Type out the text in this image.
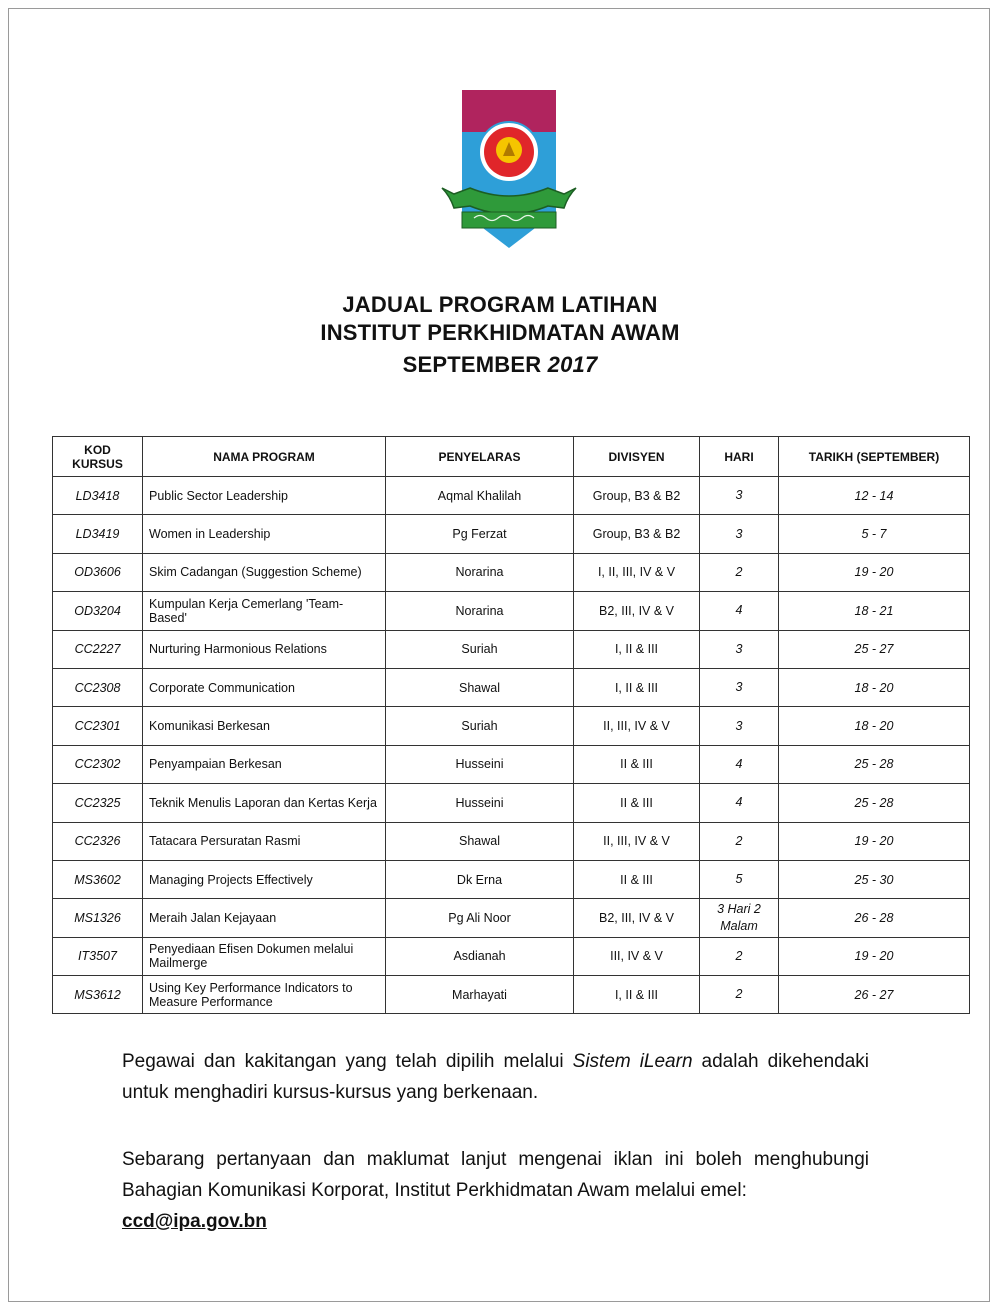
JADUAL PROGRAM LATIHAN
INSTITUT PERKHIDMATAN AWAM
SEPTEMBER 2017
KOD
KURSUS	NAMA PROGRAM	PENYELARAS	DIVISYEN	HARI	TARIKH (SEPTEMBER)
LD3418	Public Sector Leadership	Aqmal Khalilah	Group, B3 & B2	3	12 - 14
LD3419	Women in Leadership	Pg Ferzat	Group, B3 & B2	3	5 - 7
OD3606	Skim Cadangan (Suggestion Scheme)	Norarina	I, II, III, IV & V	2	19 - 20
OD3204	Kumpulan Kerja Cemerlang 'Team-Based'	Norarina	B2, III, IV & V	4	18 - 21
CC2227	Nurturing Harmonious Relations	Suriah	I, II & III	3	25 - 27
CC2308	Corporate Communication	Shawal	I, II & III	3	18 - 20
CC2301	Komunikasi Berkesan	Suriah	II, III, IV & V	3	18 - 20
CC2302	Penyampaian Berkesan	Husseini	II & III	4	25 - 28
CC2325	Teknik Menulis Laporan dan Kertas Kerja	Husseini	II & III	4	25 - 28
CC2326	Tatacara Persuratan Rasmi	Shawal	II, III, IV & V	2	19 - 20
MS3602	Managing Projects Effectively	Dk Erna	II & III	5	25 - 30
MS1326	Meraih Jalan Kejayaan	Pg Ali Noor	B2, III, IV & V	3 Hari 2 Malam	26 - 28
IT3507	Penyediaan Efisen Dokumen melalui Mailmerge	Asdianah	III, IV & V	2	19 - 20
MS3612	Using Key Performance Indicators to Measure Performance	Marhayati	I, II & III	2	26 - 27
Pegawai dan kakitangan yang telah dipilih melalui Sistem iLearn adalah dikehendaki untuk menghadiri kursus-kursus yang berkenaan.
Sebarang pertanyaan dan maklumat lanjut mengenai iklan ini boleh menghubungi Bahagian Komunikasi Korporat, Institut Perkhidmatan Awam melalui emel:
ccd@ipa.gov.bn
